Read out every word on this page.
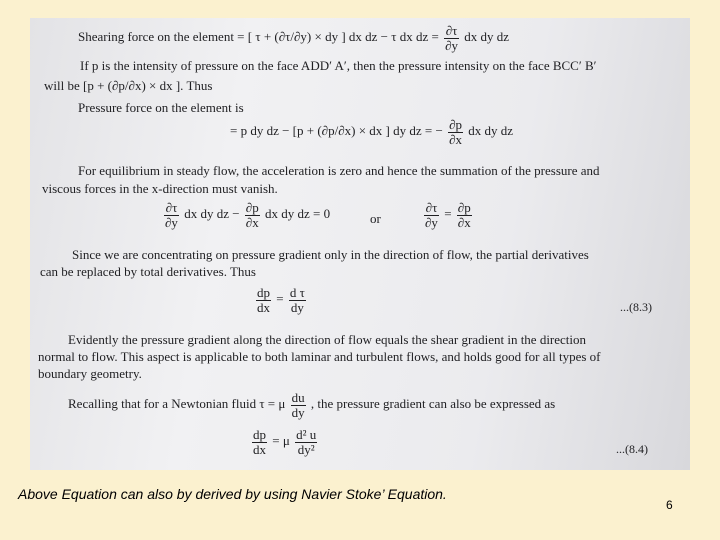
Shearing force on the element = [ τ + (∂τ/∂y) × dy ] dx dz − τ dx dz = $\frac{\partial\tau}{\partial y}$ dx dy dz
If p is the intensity of pressure on the face ADD′ A′, then the pressure intensity on the face BCC′ B′
will be [p + (∂p/∂x) × dx ]. Thus
Pressure force on the element is
= p dy dz − [p + (∂p/∂x) × dx ] dy dz = − $\frac{\partial p}{\partial x}$ dx dy dz
For equilibrium in steady flow, the acceleration is zero and hence the summation of the pressure and
viscous forces in the x-direction must vanish.
$\frac{\partial\tau}{\partial y}$ dx dy dz − $\frac{\partial p}{\partial x}$ dx dy dz = 0	or	$\frac{\partial\tau}{\partial y} = \frac{\partial p}{\partial x}$
Since we are concentrating on pressure gradient only in the direction of flow, the partial derivatives
can be replaced by total derivatives. Thus
$\frac{dp}{dx} = \frac{\text{d τ}}{dy}$	...(8.3)
Evidently the pressure gradient along the direction of flow equals the shear gradient in the direction
normal to flow. This aspect is applicable to both laminar and turbulent flows, and holds good for all types of
boundary geometry.
Recalling that for a Newtonian fluid τ = μ $\frac{du}{dy}$ , the pressure gradient can also be expressed as
$\frac{dp}{dx} = \mu \frac{\text{d² u}}{\text{dy²}}$	...(8.4)
Above Equation can also by derived by using Navier Stoke’ Equation.
6
